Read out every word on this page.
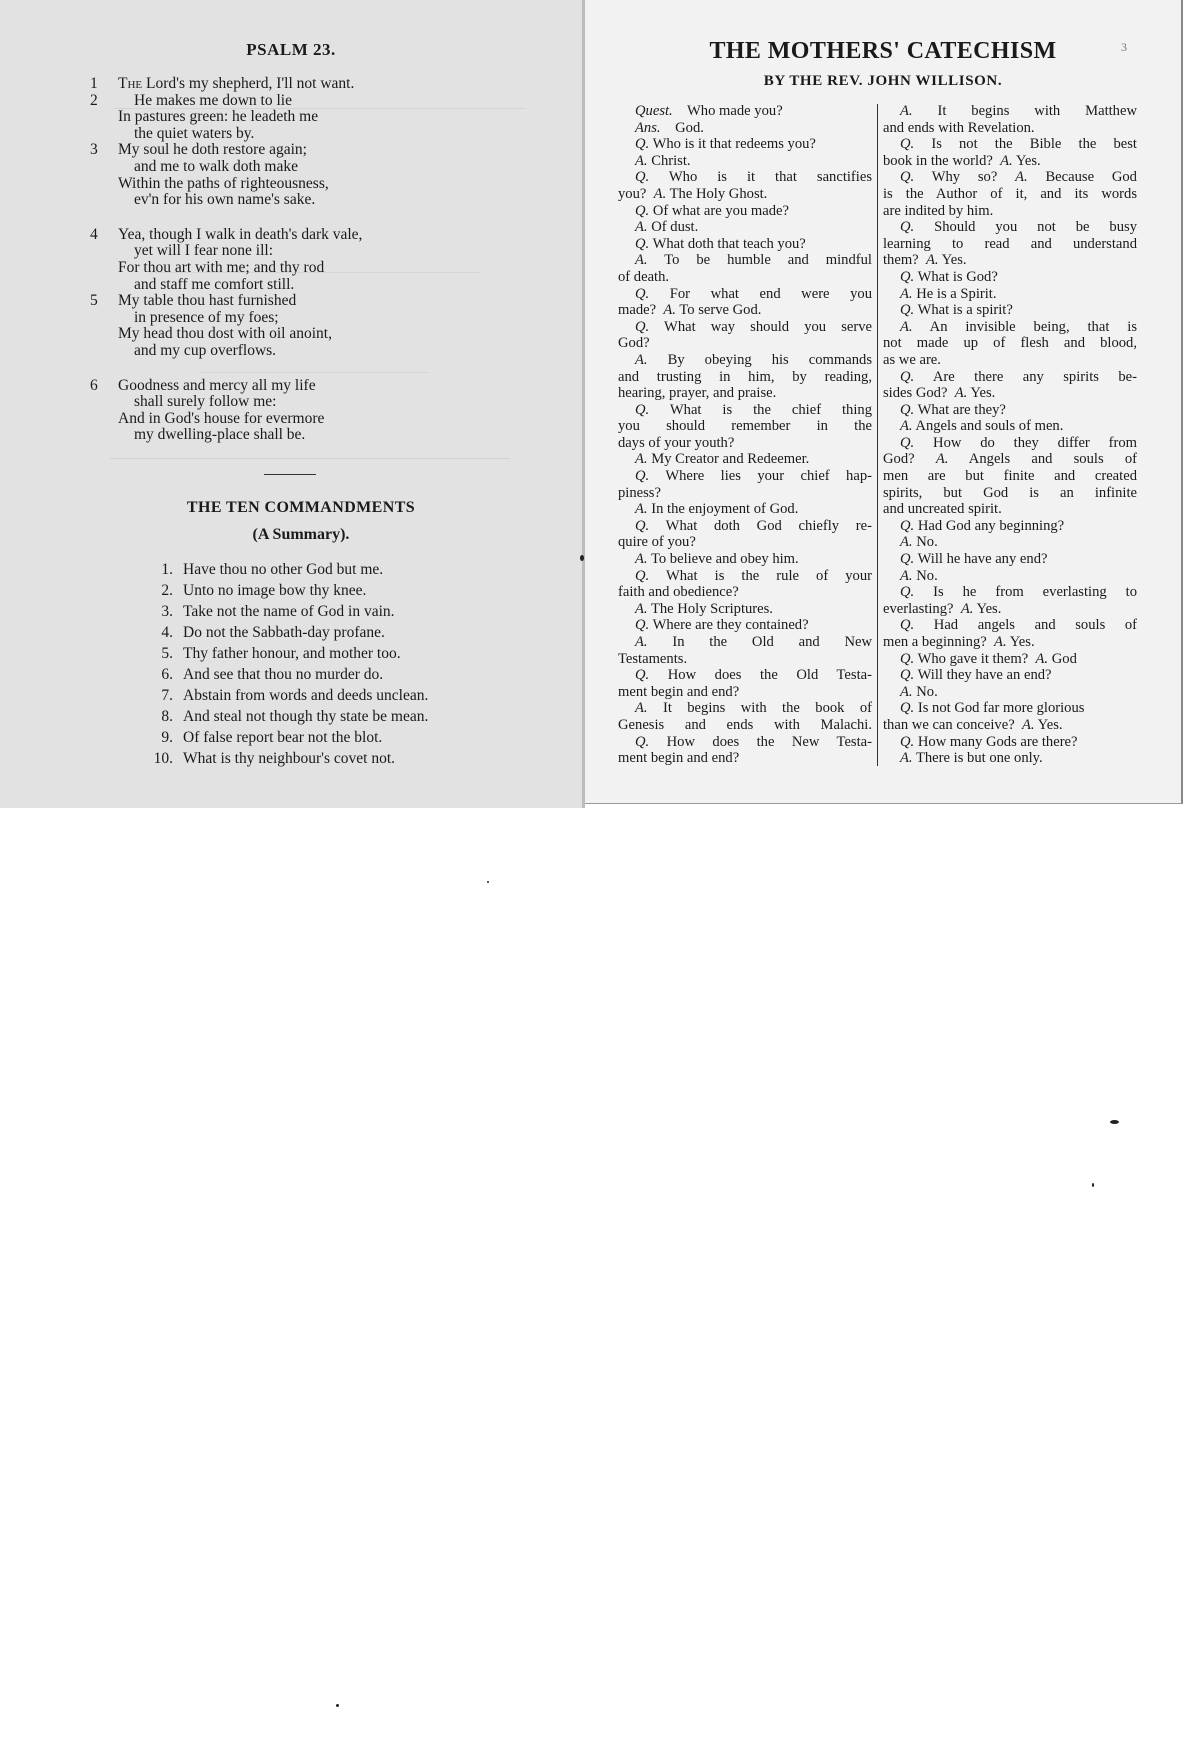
PSALM 23.
1	The Lord's my shepherd, I'll not want.
2	He makes me down to lie
In pastures green: he leadeth me
the quiet waters by.
3	My soul he doth restore again;
and me to walk doth make
Within the paths of righteousness,
ev'n for his own name's sake.
4	Yea, though I walk in death's dark vale,
yet will I fear none ill:
For thou art with me; and thy rod
and staff me comfort still.
5	My table thou hast furnished
in presence of my foes;
My head thou dost with oil anoint,
and my cup overflows.
6	Goodness and mercy all my life
shall surely follow me:
And in God's house for evermore
my dwelling-place shall be.
THE TEN COMMANDMENTS
(A Summary).
1. Have thou no other God but me.
2. Unto no image bow thy knee.
3. Take not the name of God in vain.
4. Do not the Sabbath-day profane.
5. Thy father honour, and mother too.
6. And see that thou no murder do.
7. Abstain from words and deeds unclean.
8. And steal not though thy state be mean.
9. Of false report bear not the blot.
10. What is thy neighbour's covet not.
THE MOTHERS' CATECHISM
BY THE REV. JOHN WILLISON.
3
Quest.    Who made you?
Ans.    God.
Q. Who is it that redeems you?
A. Christ.
Q. Who is it that sanctifies
you?  A. The Holy Ghost.
Q. Of what are you made?
A. Of dust.
Q. What doth that teach you?
A. To be humble and mindful
of death.
Q. For what end were you
made?  A. To serve God.
Q. What way should you serve
God?
A. By obeying his commands
and trusting in him, by reading,
hearing, prayer, and praise.
Q. What is the chief thing
you should remember in the
days of your youth?
A. My Creator and Redeemer.
Q. Where lies your chief hap-
piness?
A. In the enjoyment of God.
Q. What doth God chiefly re-
quire of you?
A. To believe and obey him.
Q. What is the rule of your
faith and obedience?
A. The Holy Scriptures.
Q. Where are they contained?
A. In the Old and New
Testaments.
Q. How does the Old Testa-
ment begin and end?
A. It begins with the book of
Genesis and ends with Malachi.
Q. How does the New Testa-
ment begin and end?
A. It begins with Matthew
and ends with Revelation.
Q. Is not the Bible the best
book in the world?  A. Yes.
Q. Why so? A. Because God
is the Author of it, and its words
are indited by him.
Q. Should you not be busy
learning to read and understand
them?  A. Yes.
Q. What is God?
A. He is a Spirit.
Q. What is a spirit?
A. An invisible being, that is
not made up of flesh and blood,
as we are.
Q. Are there any spirits be-
sides God?  A. Yes.
Q. What are they?
A. Angels and souls of men.
Q. How do they differ from
God? A. Angels and souls of
men are but finite and created
spirits, but God is an infinite
and uncreated spirit.
Q. Had God any beginning?
A. No.
Q. Will he have any end?
A. No.
Q. Is he from everlasting to
everlasting?  A. Yes.
Q. Had angels and souls of
men a beginning?  A. Yes.
Q. Who gave it them?  A. God
Q. Will they have an end?
A. No.
Q. Is not God far more glorious
than we can conceive?  A. Yes.
Q. How many Gods are there?
A. There is but one only.
